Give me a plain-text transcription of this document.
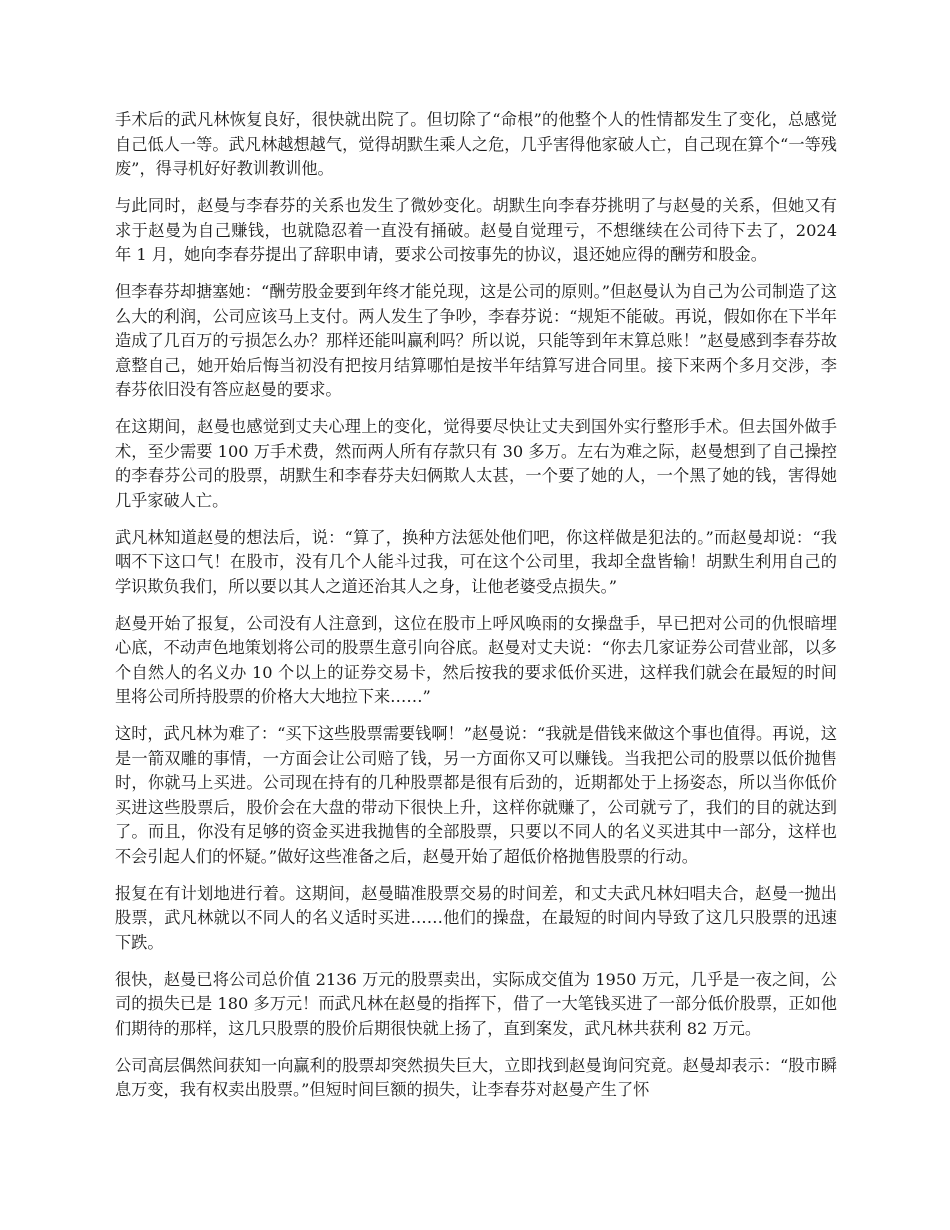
手术后的武凡林恢复良好，很快就出院了。但切除了“命根”的他整个人的性情都发生了变化，总感觉自己低人一等。武凡林越想越气，觉得胡默生乘人之危，几乎害得他家破人亡，自己现在算个“一等残废”，得寻机好好教训教训他。

与此同时，赵曼与李春芬的关系也发生了微妙变化。胡默生向李春芬挑明了与赵曼的关系，但她又有求于赵曼为自己赚钱，也就隐忍着一直没有捅破。赵曼自觉理亏，不想继续在公司待下去了，2024 年 1 月，她向李春芬提出了辞职申请，要求公司按事先的协议，退还她应得的酬劳和股金。

但李春芬却搪塞她：“酬劳股金要到年终才能兑现，这是公司的原则。”但赵曼认为自己为公司制造了这么大的利润，公司应该马上支付。两人发生了争吵，李春芬说：“规矩不能破。再说，假如你在下半年造成了几百万的亏损怎么办？那样还能叫赢利吗？所以说，只能等到年末算总账！”赵曼感到李春芬故意整自己，她开始后悔当初没有把按月结算哪怕是按半年结算写进合同里。接下来两个多月交涉，李春芬依旧没有答应赵曼的要求。

在这期间，赵曼也感觉到丈夫心理上的变化，觉得要尽快让丈夫到国外实行整形手术。但去国外做手术，至少需要 100 万手术费，然而两人所有存款只有 30 多万。左右为难之际，赵曼想到了自己操控的李春芬公司的股票，胡默生和李春芬夫妇俩欺人太甚，一个要了她的人，一个黑了她的钱，害得她几乎家破人亡。

武凡林知道赵曼的想法后，说：“算了，换种方法惩处他们吧，你这样做是犯法的。”而赵曼却说：“我咽不下这口气！在股市，没有几个人能斗过我，可在这个公司里，我却全盘皆输！胡默生利用自己的学识欺负我们，所以要以其人之道还治其人之身，让他老婆受点损失。”

赵曼开始了报复，公司没有人注意到，这位在股市上呼风唤雨的女操盘手，早已把对公司的仇恨暗埋心底，不动声色地策划将公司的股票生意引向谷底。赵曼对丈夫说：“你去几家证券公司营业部，以多个自然人的名义办 10 个以上的证券交易卡，然后按我的要求低价买进，这样我们就会在最短的时间里将公司所持股票的价格大大地拉下来……”

这时，武凡林为难了：“买下这些股票需要钱啊！”赵曼说：“我就是借钱来做这个事也值得。再说，这是一箭双雕的事情，一方面会让公司赔了钱，另一方面你又可以赚钱。当我把公司的股票以低价抛售时，你就马上买进。公司现在持有的几种股票都是很有后劲的，近期都处于上扬姿态，所以当你低价买进这些股票后，股价会在大盘的带动下很快上升，这样你就赚了，公司就亏了，我们的目的就达到了。而且，你没有足够的资金买进我抛售的全部股票，只要以不同人的名义买进其中一部分，这样也不会引起人们的怀疑。”做好这些准备之后，赵曼开始了超低价格抛售股票的行动。

报复在有计划地进行着。这期间，赵曼瞄准股票交易的时间差，和丈夫武凡林妇唱夫合，赵曼一抛出股票，武凡林就以不同人的名义适时买进……他们的操盘，在最短的时间内导致了这几只股票的迅速下跌。

很快，赵曼已将公司总价值 2136 万元的股票卖出，实际成交值为 1950 万元，几乎是一夜之间，公司的损失已是 180 多万元！而武凡林在赵曼的指挥下，借了一大笔钱买进了一部分低价股票，正如他们期待的那样，这几只股票的股价后期很快就上扬了，直到案发，武凡林共获利 82 万元。

公司高层偶然间获知一向赢利的股票却突然损失巨大，立即找到赵曼询问究竟。赵曼却表示：“股市瞬息万变，我有权卖出股票。”但短时间巨额的损失，让李春芬对赵曼产生了怀
